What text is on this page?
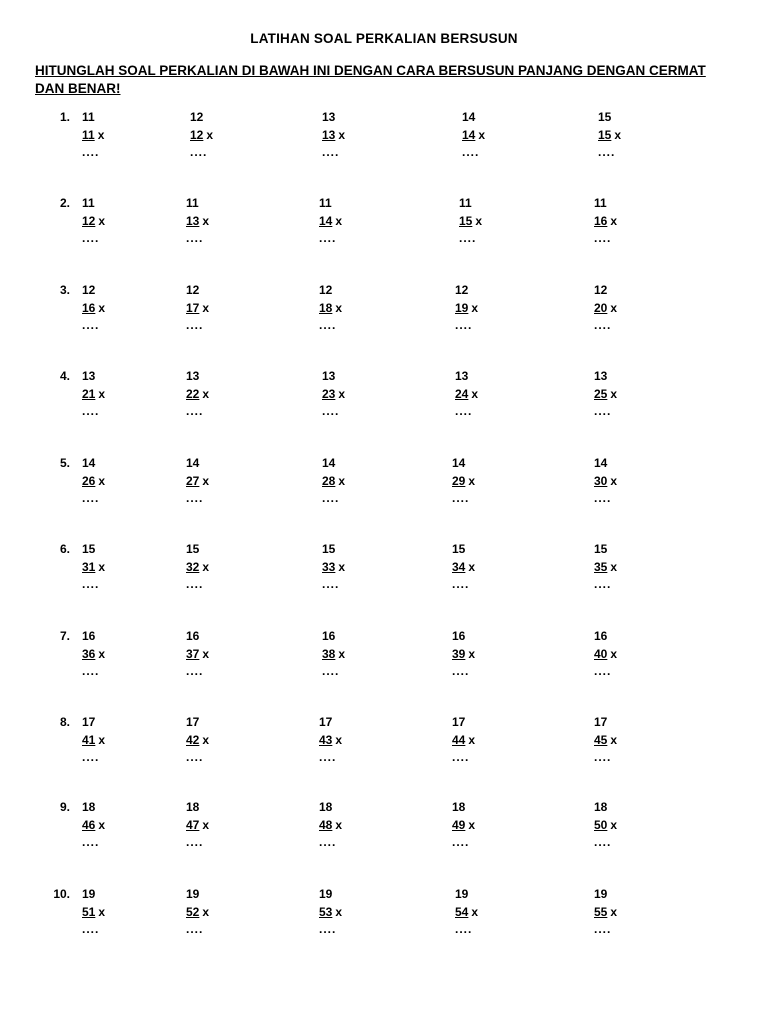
LATIHAN SOAL PERKALIAN BERSUSUN
HITUNGLAH SOAL PERKALIAN DI BAWAH INI DENGAN CARA BERSUSUN PANJANG DENGAN CERMAT DAN BENAR!
1. 11
11 x
....
12
12 x
....
13
13 x
....
14
14 x
....
15
15 x
....
2. 11
12 x
....
11
13 x
....
11
14 x
....
11
15 x
....
11
16 x
....
3. 12
16 x
....
12
17 x
....
12
18 x
....
12
19 x
....
12
20 x
....
4. 13
21 x
....
13
22 x
....
13
23 x
....
13
24 x
....
13
25 x
....
5. 14
26 x
....
14
27 x
....
14
28 x
....
14
29 x
....
14
30 x
....
6. 15
31 x
....
15
32 x
....
15
33 x
....
15
34 x
....
15
35 x
....
7. 16
36 x
....
16
37 x
....
16
38 x
....
16
39 x
....
16
40 x
....
8. 17
41 x
....
17
42 x
....
17
43 x
....
17
44 x
....
17
45 x
....
9. 18
46 x
....
18
47 x
....
18
48 x
....
18
49 x
....
18
50 x
....
10. 19
51 x
....
19
52 x
....
19
53 x
....
19
54 x
....
19
55 x
....
